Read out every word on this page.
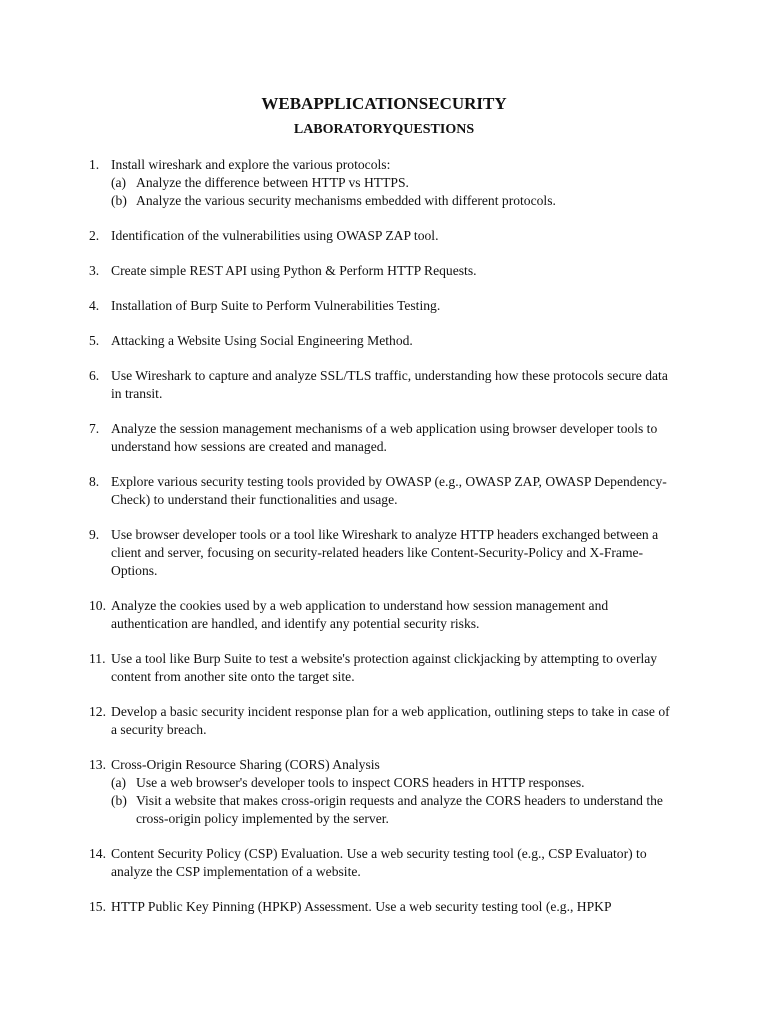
WEBAPPLICATIONSECURITY
LABORATORYQUESTIONS
1. Install wireshark and explore the various protocols:
(a) Analyze the difference between HTTP vs HTTPS.
(b) Analyze the various security mechanisms embedded with different protocols.
2. Identification of the vulnerabilities using OWASP ZAP tool.
3. Create simple REST API using Python & Perform HTTP Requests.
4. Installation of Burp Suite to Perform Vulnerabilities Testing.
5. Attacking a Website Using Social Engineering Method.
6. Use Wireshark to capture and analyze SSL/TLS traffic, understanding how these protocols secure data in transit.
7. Analyze the session management mechanisms of a web application using browser developer tools to understand how sessions are created and managed.
8. Explore various security testing tools provided by OWASP (e.g., OWASP ZAP, OWASP Dependency-Check) to understand their functionalities and usage.
9. Use browser developer tools or a tool like Wireshark to analyze HTTP headers exchanged between a client and server, focusing on security-related headers like Content-Security-Policy and X-Frame-Options.
10. Analyze the cookies used by a web application to understand how session management and authentication are handled, and identify any potential security risks.
11. Use a tool like Burp Suite to test a website's protection against clickjacking by attempting to overlay content from another site onto the target site.
12. Develop a basic security incident response plan for a web application, outlining steps to take in case of a security breach.
13. Cross-Origin Resource Sharing (CORS) Analysis
(a) Use a web browser's developer tools to inspect CORS headers in HTTP responses.
(b) Visit a website that makes cross-origin requests and analyze the CORS headers to understand the cross-origin policy implemented by the server.
14. Content Security Policy (CSP) Evaluation. Use a web security testing tool (e.g., CSP Evaluator) to analyze the CSP implementation of a website.
15. HTTP Public Key Pinning (HPKP) Assessment. Use a web security testing tool (e.g., HPKP
